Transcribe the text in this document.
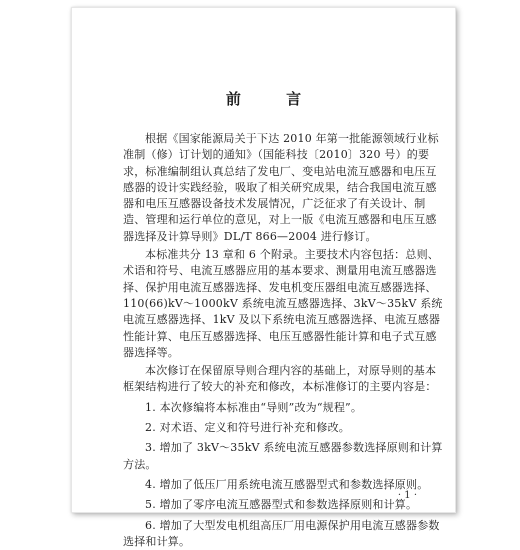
前 言

根据《国家能源局关于下达 2010 年第一批能源领域行业标准制（修）订计划的通知》（国能科技〔2010〕320 号）的要求，标准编制组认真总结了发电厂、变电站电流互感器和电压互感器的设计实践经验，吸取了相关研究成果，结合我国电流互感器和电压互感器设备技术发展情况，广泛征求了有关设计、制造、管理和运行单位的意见，对上一版《电流互感器和电压互感器选择及计算导则》DL/T 866—2004 进行修订。

本标准共分 13 章和 6 个附录。主要技术内容包括：总则、术语和符号、电流互感器应用的基本要求、测量用电流互感器选择、保护用电流互感器选择、发电机变压器组电流互感器选择、110(66)kV～1000kV 系统电流互感器选择、3kV～35kV 系统电流互感器选择、1kV 及以下系统电流互感器选择、电流互感器性能计算、电压互感器选择、电压互感器性能计算和电子式互感器选择等。

本次修订在保留原导则合理内容的基础上，对原导则的基本框架结构进行了较大的补充和修改，本标准修订的主要内容是：

1. 本次修编将本标准由“导则”改为“规程”。

2. 对术语、定义和符号进行补充和修改。

3. 增加了 3kV～35kV 系统电流互感器参数选择原则和计算方法。

4. 增加了低压厂用系统电流互感器型式和参数选择原则。

5. 增加了零序电流互感器型式和参数选择原则和计算。

6. 增加了大型发电机组高压厂用电源保护用电流互感器参数选择和计算。

· 1 ·
